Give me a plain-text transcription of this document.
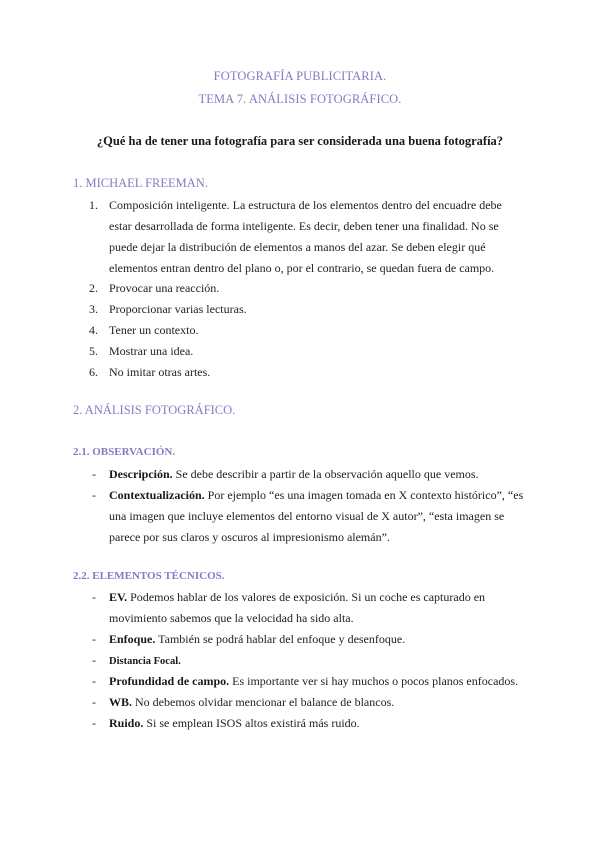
FOTOGRAFÍA PUBLICITARIA.
TEMA 7. ANÁLISIS FOTOGRÁFICO.
¿Qué ha de tener una fotografía para ser considerada una buena fotografía?
1. MICHAEL FREEMAN.
1. Composición inteligente. La estructura de los elementos dentro del encuadre debe
estar desarrollada de forma inteligente. Es decir, deben tener una finalidad. No se
puede dejar la distribución de elementos a manos del azar. Se deben elegir qué
elementos entran dentro del plano o, por el contrario, se quedan fuera de campo.
2. Provocar una reacción.
3. Proporcionar varias lecturas.
4. Tener un contexto.
5. Mostrar una idea.
6. No imitar otras artes.
2. ANÁLISIS FOTOGRÁFICO.
2.1. OBSERVACIÓN.
- Descripción. Se debe describir a partir de la observación aquello que vemos.
- Contextualización. Por ejemplo “es una imagen tomada en X contexto histórico”, “es
una imagen que incluye elementos del entorno visual de X autor”, “esta imagen se
parece por sus claros y oscuros al impresionismo alemán”.
2.2. ELEMENTOS TÉCNICOS.
- EV. Podemos hablar de los valores de exposición. Si un coche es capturado en
movimiento sabemos que la velocidad ha sido alta.
- Enfoque. También se podrá hablar del enfoque y desenfoque.
- Distancia Focal.
- Profundidad de campo. Es importante ver si hay muchos o pocos planos enfocados.
- WB. No debemos olvidar mencionar el balance de blancos.
- Ruido. Si se emplean ISOS altos existirá más ruido.
